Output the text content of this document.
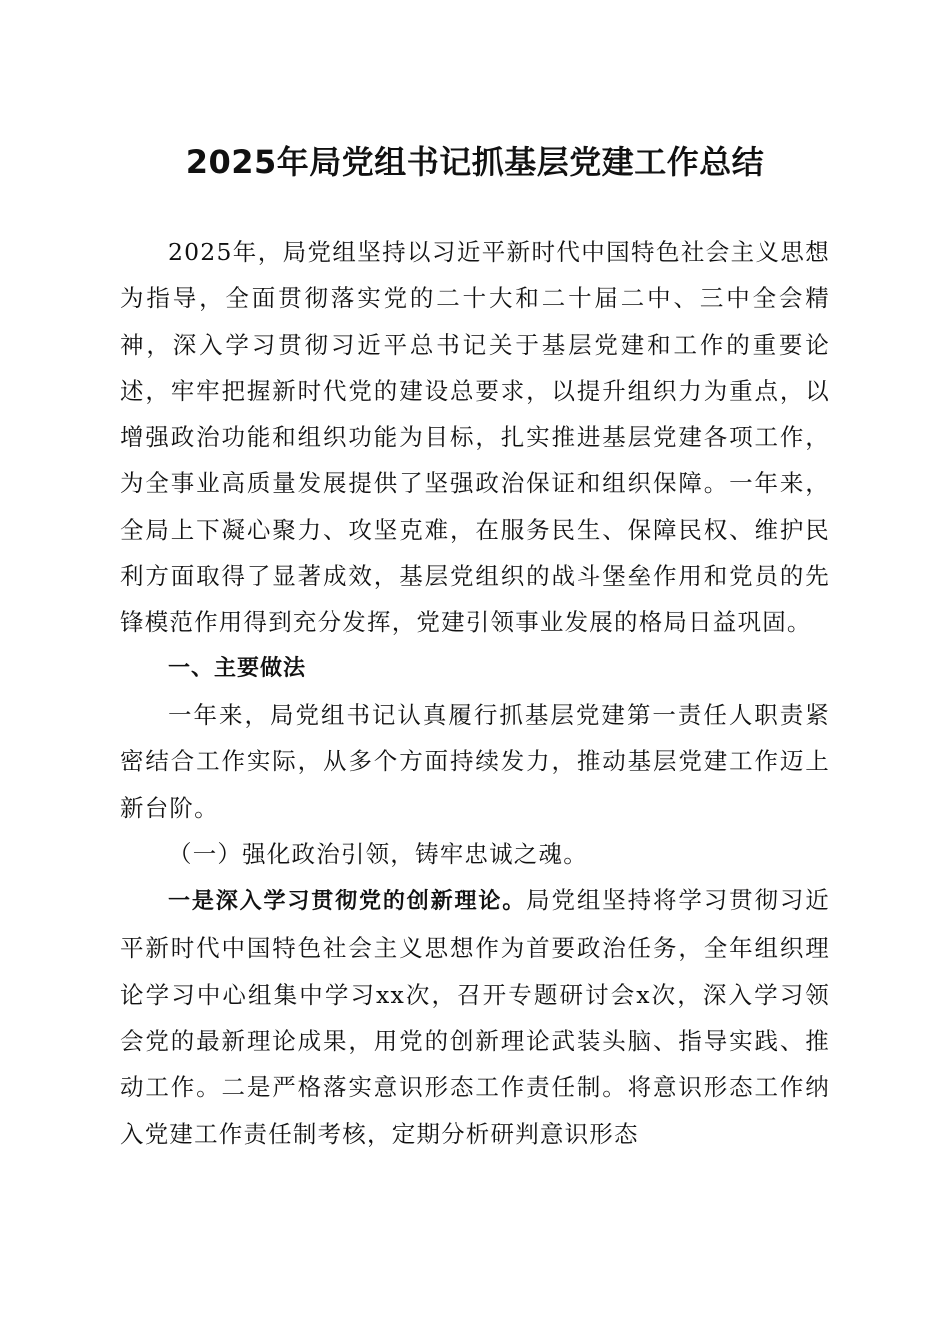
2025年局党组书记抓基层党建工作总结

2025年，局党组坚持以习近平新时代中国特色社会主义思想为指导，全面贯彻落实党的二十大和二十届二中、三中全会精神，深入学习贯彻习近平总书记关于基层党建和工作的重要论述，牢牢把握新时代党的建设总要求，以提升组织力为重点，以增强政治功能和组织功能为目标，扎实推进基层党建各项工作，为全事业高质量发展提供了坚强政治保证和组织保障。一年来，全局上下凝心聚力、攻坚克难，在服务民生、保障民权、维护民利方面取得了显著成效，基层党组织的战斗堡垒作用和党员的先锋模范作用得到充分发挥，党建引领事业发展的格局日益巩固。

一、主要做法

一年来，局党组书记认真履行抓基层党建第一责任人职责紧密结合工作实际，从多个方面持续发力，推动基层党建工作迈上新台阶。

（一）强化政治引领，铸牢忠诚之魂。

一是深入学习贯彻党的创新理论。局党组坚持将学习贯彻习近平新时代中国特色社会主义思想作为首要政治任务，全年组织理论学习中心组集中学习xx次，召开专题研讨会x次，深入学习领会党的最新理论成果，用党的创新理论武装头脑、指导实践、推动工作。二是严格落实意识形态工作责任制。将意识形态工作纳入党建工作责任制考核，定期分析研判意识形态
